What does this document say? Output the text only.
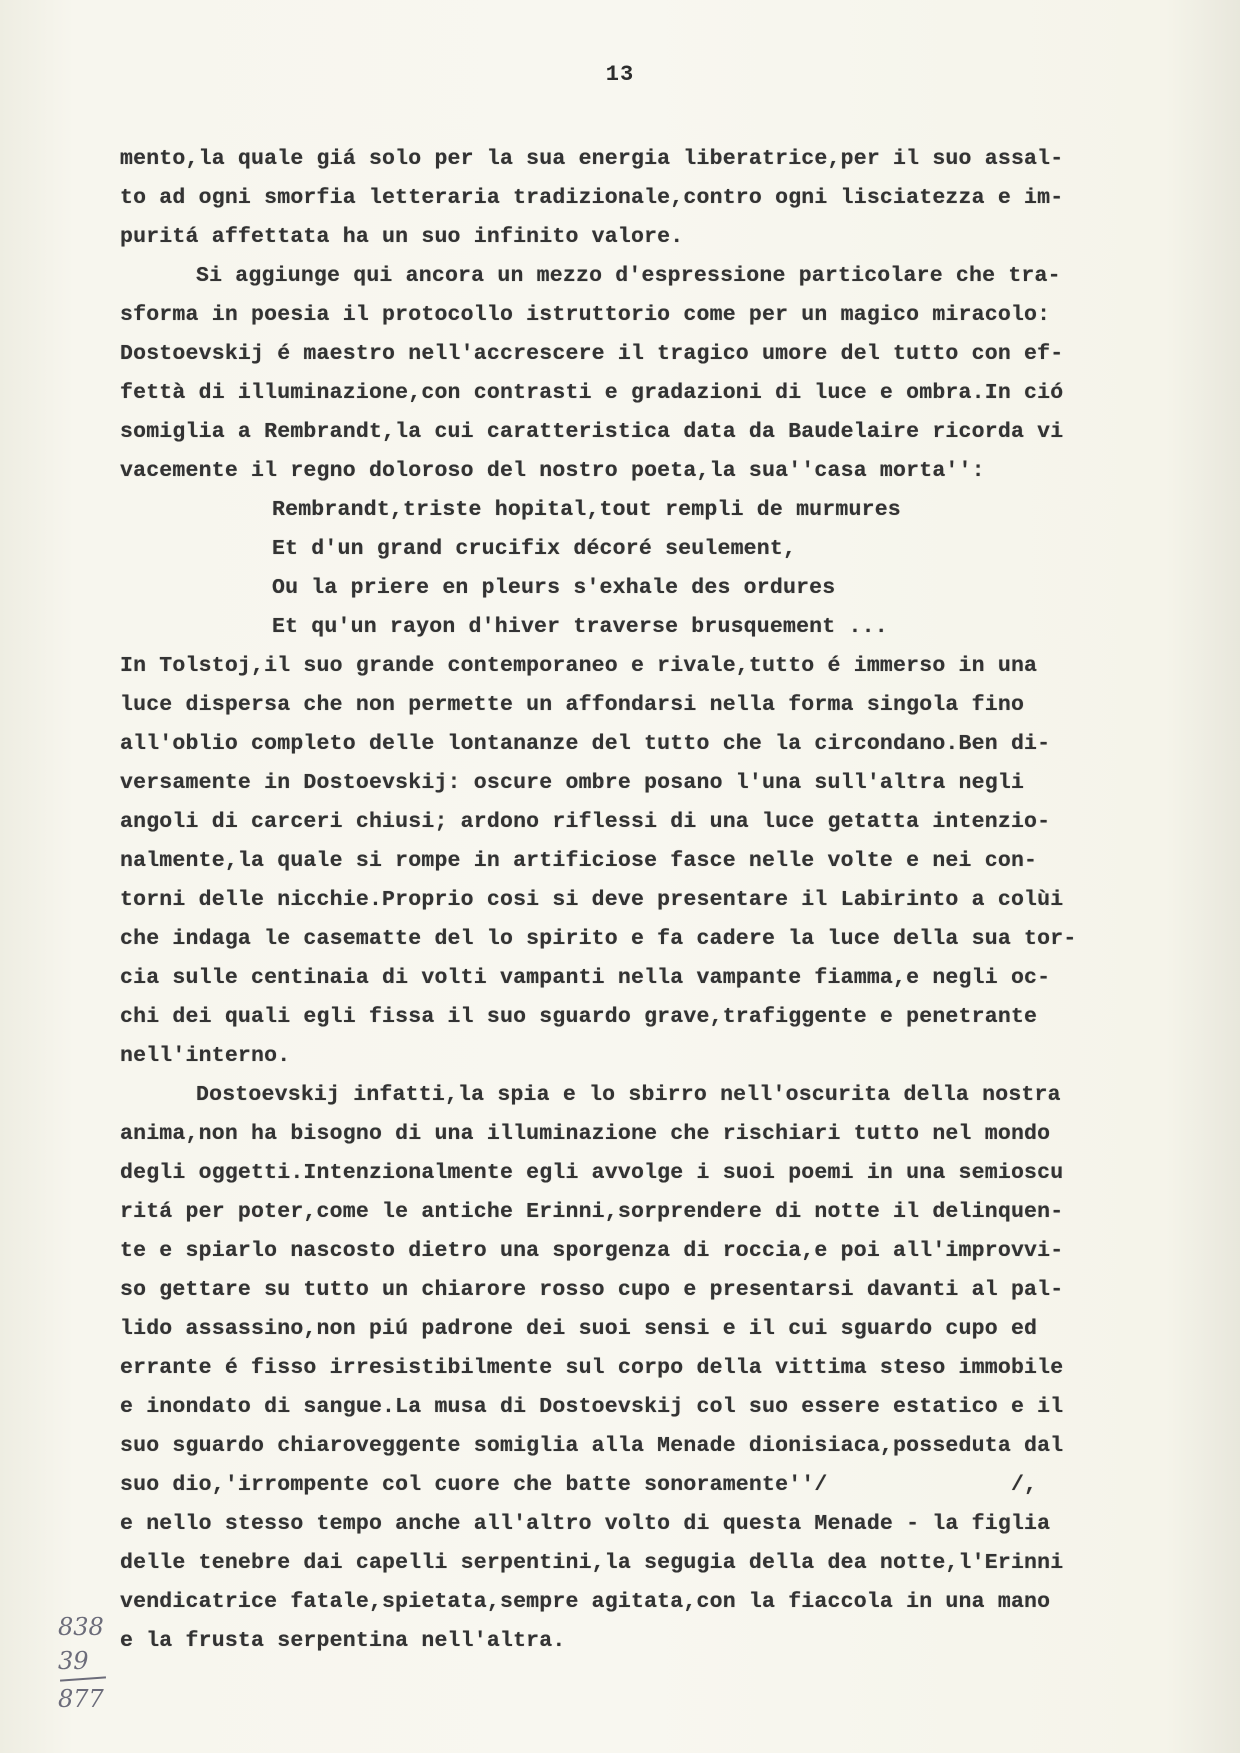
13
mento,la quale giá solo per la sua energia liberatrice,per il suo assal-
to ad ogni smorfia letteraria tradizionale,contro ogni lisciatezza e im-
puritá affettata ha un suo infinito valore.
Si aggiunge qui ancora un mezzo d'espressione particolare che tra-
sforma in poesia il protocollo istruttorio come per un magico miracolo:
Dostoevskij é maestro nell'accrescere il tragico umore del tutto con ef-
fettà di illuminazione,con contrasti e gradazioni di luce e ombra.In ció
somiglia a Rembrandt,la cui caratteristica data da Baudelaire ricorda vi
vacemente il regno doloroso del nostro poeta,la sua''casa morta'':
Rembrandt,triste hopital,tout rempli de murmures
Et d'un grand crucifix décoré seulement,
Ou la priere en pleurs s'exhale des ordures
Et qu'un rayon d'hiver traverse brusquement ...
In Tolstoj,il suo grande contemporaneo e rivale,tutto é immerso in una
luce dispersa che non permette un affondarsi nella forma singola fino
all'oblio completo delle lontananze del tutto che la circondano.Ben di-
versamente in Dostoevskij: oscure ombre posano l'una sull'altra negli
angoli di carceri chiusi; ardono riflessi di una luce getatta intenzio-
nalmente,la quale si rompe in artificiose fasce nelle volte e nei con-
torni delle nicchie.Proprio cosi si deve presentare il Labirinto a colùi
che indaga le casematte del lo spirito e fa cadere la luce della sua tor-
cia sulle centinaia di volti vampanti nella vampante fiamma,e negli oc-
chi dei quali egli fissa il suo sguardo grave,trafiggente e penetrante
nell'interno.
Dostoevskij infatti,la spia e lo sbirro nell'oscurita della nostra
anima,non ha bisogno di una illuminazione che rischiari tutto nel mondo
degli oggetti.Intenzionalmente egli avvolge i suoi poemi in una semioscu
ritá per poter,come le antiche Erinni,sorprendere di notte il delinquen-
te e spiarlo nascosto dietro una sporgenza di roccia,e poi all'improvvi-
so gettare su tutto un chiarore rosso cupo e presentarsi davanti al pal-
lido assassino,non piú padrone dei suoi sensi e il cui sguardo cupo ed
errante é fisso irresistibilmente sul corpo della vittima steso immobile
e inondato di sangue.La musa di Dostoevskij col suo essere estatico e il
suo sguardo chiaroveggente somiglia alla Menade dionisiaca,posseduta dal
suo dio,'irrompente col cuore che batte sonoramente''/              /,
e nello stesso tempo anche all'altro volto di questa Menade - la figlia
delle tenebre dai capelli serpentini,la segugia della dea notte,l'Erinni
vendicatrice fatale,spietata,sempre agitata,con la fiaccola in una mano
e la frusta serpentina nell'altra.
838
39
877
